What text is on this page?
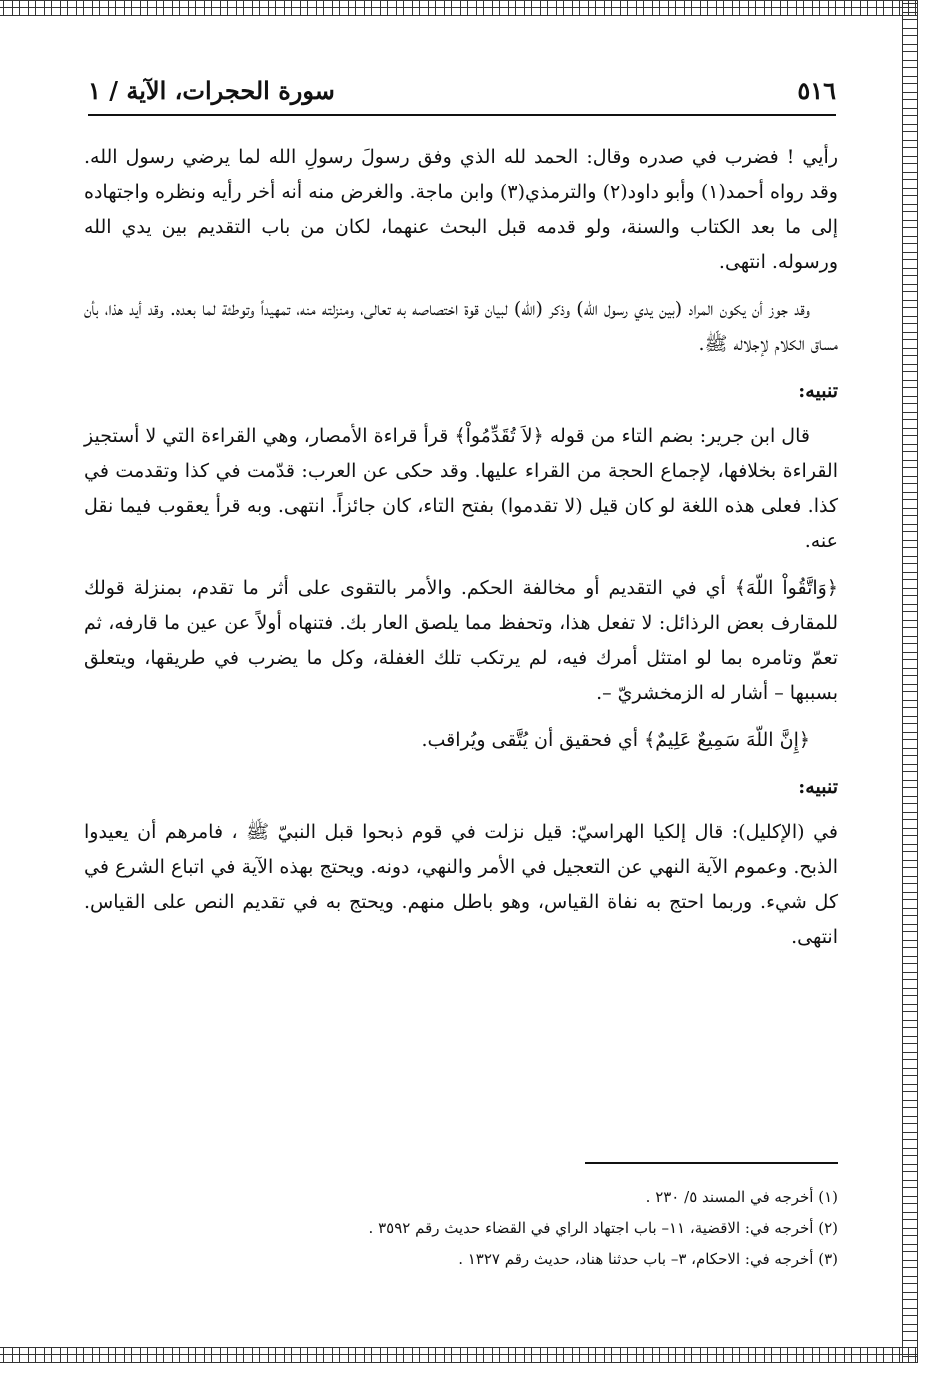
٥١٦
سورة الحجرات، الآية / ١

رأيي ! فضرب في صدره وقال: الحمد لله الذي وفق رسولَ رسولِ الله لما يرضي رسول الله. وقد رواه أحمد(١) وأبو داود(٢) والترمذي(٣) وابن ماجة. والغرض منه أنه أخر رأيه ونظره واجتهاده إلى ما بعد الكتاب والسنة، ولو قدمه قبل البحث عنهما، لكان من باب التقديم بين يدي الله ورسوله. انتهى.

وقد جوز أن يكون المراد (بين يدي رسول الله) وذكر (الله) لبيان قوة اختصاصه به تعالى، ومنزلته منه، تمهيداً وتوطئة لما بعده. وقد أيد هذا، بأن مساق الكلام لإجلاله ﷺ.

تنبيه:

قال ابن جرير: بضم التاء من قوله ﴿لاَ تُقَدِّمُواْ﴾ قرأ قراءة الأمصار، وهي القراءة التي لا أستجيز القراءة بخلافها، لإجماع الحجة من القراء عليها. وقد حكى عن العرب: قدّمت في كذا وتقدمت في كذا. فعلى هذه اللغة لو كان قيل (لا تقدموا) بفتح التاء، كان جائزاً. انتهى. وبه قرأ يعقوب فيما نقل عنه.

﴿وَاتَّقُواْ اللّهَ﴾ أي في التقديم أو مخالفة الحكم. والأمر بالتقوى على أثر ما تقدم، بمنزلة قولك للمقارف بعض الرذائل: لا تفعل هذا، وتحفظ مما يلصق العار بك. فتنهاه أولاً عن عين ما قارفه، ثم تعمّ وتامره بما لو امتثل أمرك فيه، لم يرتكب تلك الغفلة، وكل ما يضرب في طريقها، ويتعلق بسببها – أشار له الزمخشريّ –.

﴿إِنَّ اللّهَ سَمِيعٌ عَلِيمٌ﴾ أي فحقيق أن يُتَّقى ويُراقب.

تنبيه:

في (الإكليل): قال إلكيا الهراسيّ: قيل نزلت في قوم ذبحوا قبل النبيّ ﷺ ، فامرهم أن يعيدوا الذبح. وعموم الآية النهي عن التعجيل في الأمر والنهي، دونه. ويحتج بهذه الآية في اتباع الشرع في كل شيء. وربما احتج به نفاة القياس، وهو باطل منهم. ويحتج به في تقديم النص على القياس. انتهى.

(١) أخرجه في المسند ٥/ ٢٣٠ .
(٢) أخرجه في: الاقضية، ١١– باب اجتهاد الراي في القضاء حديث رقم ٣٥٩٢ .
(٣) أخرجه في: الاحكام، ٣– باب حدثنا هناد، حديث رقم ١٣٢٧ .
